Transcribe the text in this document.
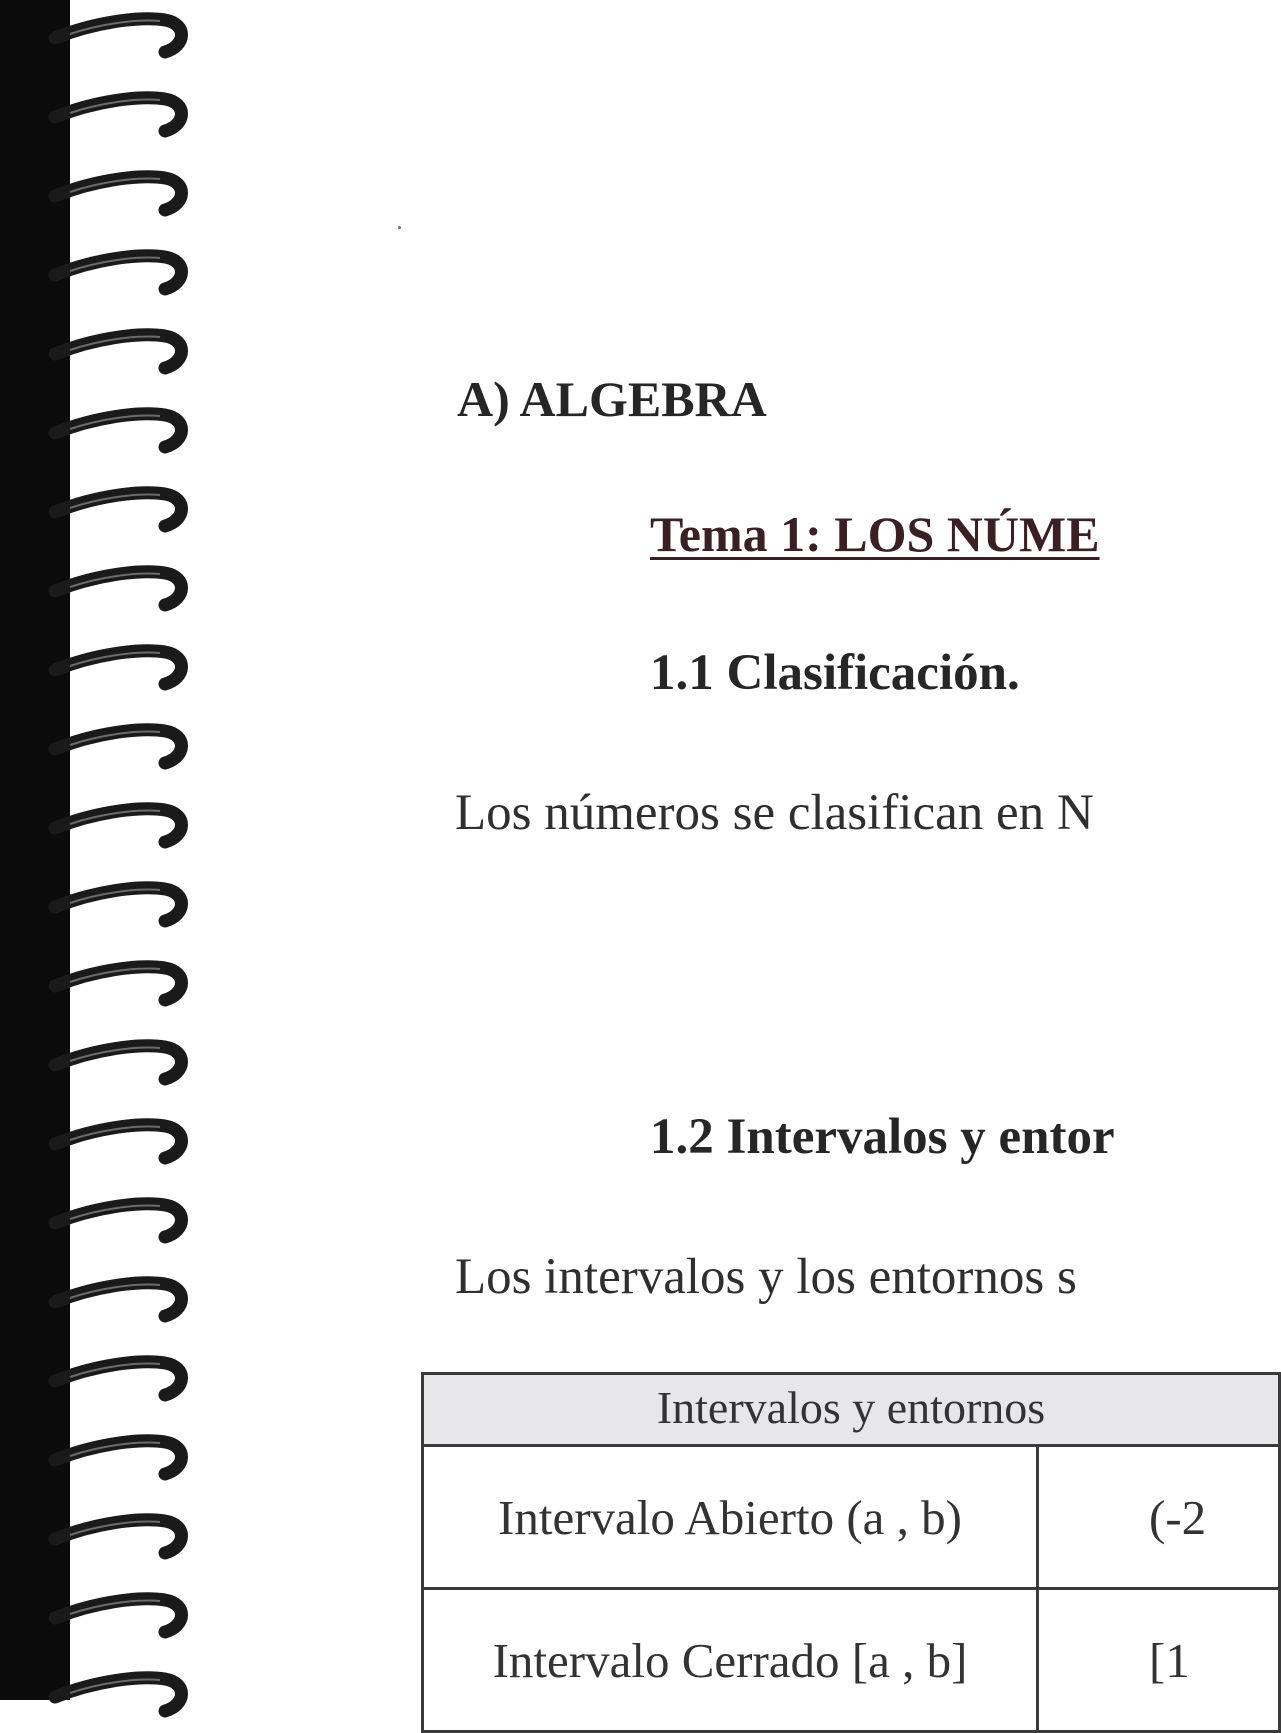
A) ALGEBRA
Tema 1: LOS NÚME
1.1 Clasificación.
Los números se clasifican en N
1.2 Intervalos y entor
Los intervalos y los entornos s
Intervalos y entornos	
Intervalo Abierto (a , b)	(-2
Intervalo Cerrado [a , b]	[1
